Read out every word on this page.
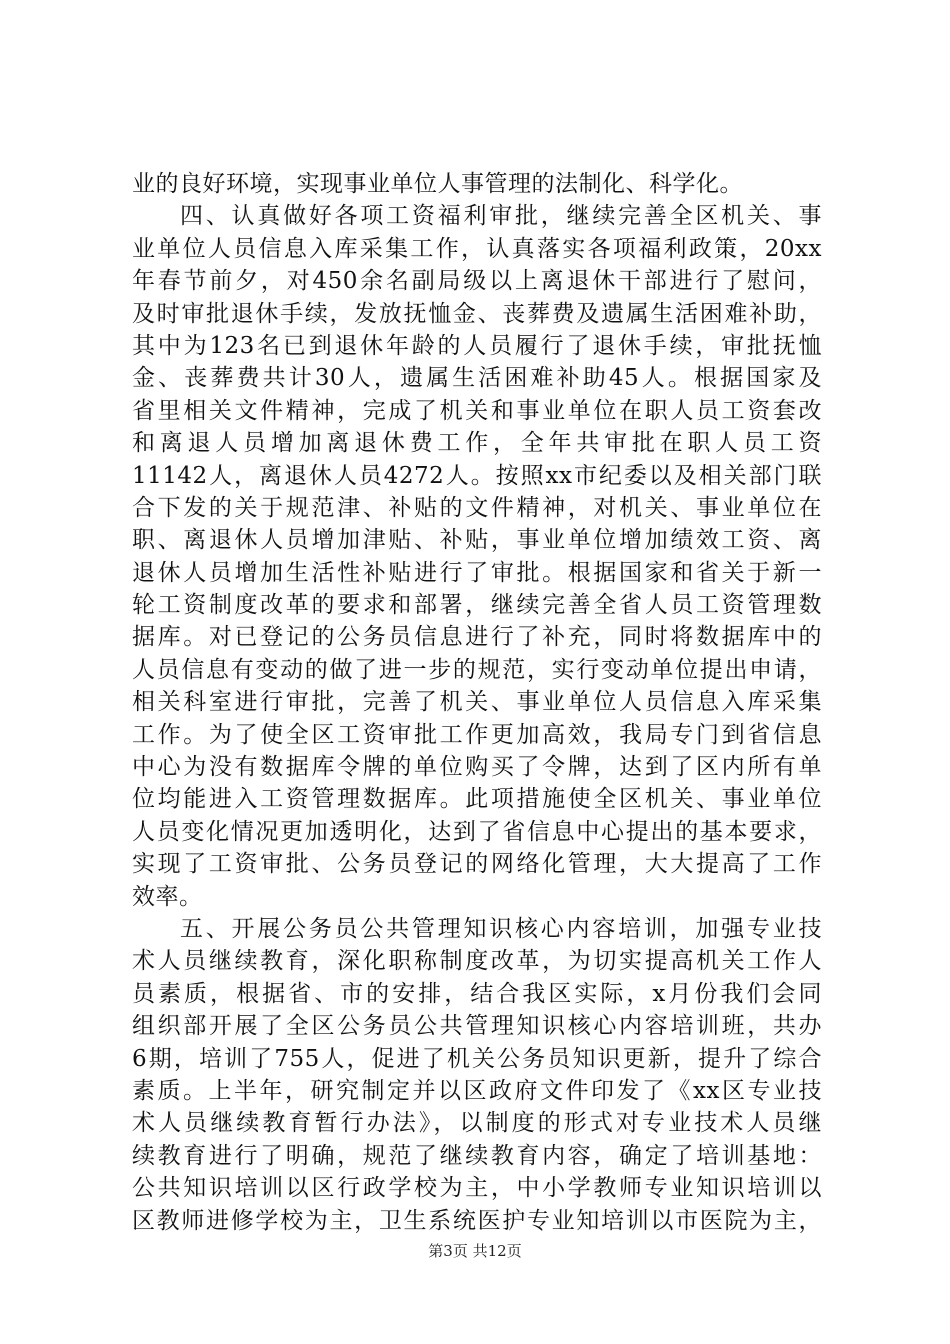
业的良好环境，实现事业单位人事管理的法制化、科学化。
四、认真做好各项工资福利审批，继续完善全区机关、事
业单位人员信息入库采集工作，认真落实各项福利政策，20xx
年春节前夕，对450余名副局级以上离退休干部进行了慰问，
及时审批退休手续，发放抚恤金、丧葬费及遗属生活困难补助，
其中为123名已到退休年龄的人员履行了退休手续，审批抚恤
金、丧葬费共计30人，遗属生活困难补助45人。根据国家及
省里相关文件精神，完成了机关和事业单位在职人员工资套改
和离退人员增加离退休费工作，全年共审批在职人员工资
11142人，离退休人员4272人。按照xx市纪委以及相关部门联
合下发的关于规范津、补贴的文件精神，对机关、事业单位在
职、离退休人员增加津贴、补贴，事业单位增加绩效工资、离
退休人员增加生活性补贴进行了审批。根据国家和省关于新一
轮工资制度改革的要求和部署，继续完善全省人员工资管理数
据库。对已登记的公务员信息进行了补充，同时将数据库中的
人员信息有变动的做了进一步的规范，实行变动单位提出申请，
相关科室进行审批，完善了机关、事业单位人员信息入库采集
工作。为了使全区工资审批工作更加高效，我局专门到省信息
中心为没有数据库令牌的单位购买了令牌，达到了区内所有单
位均能进入工资管理数据库。此项措施使全区机关、事业单位
人员变化情况更加透明化，达到了省信息中心提出的基本要求，
实现了工资审批、公务员登记的网络化管理，大大提高了工作
效率。
五、开展公务员公共管理知识核心内容培训，加强专业技
术人员继续教育，深化职称制度改革，为切实提高机关工作人
员素质，根据省、市的安排，结合我区实际，x月份我们会同
组织部开展了全区公务员公共管理知识核心内容培训班，共办
6期，培训了755人，促进了机关公务员知识更新，提升了综合
素质。上半年，研究制定并以区政府文件印发了《xx区专业技
术人员继续教育暂行办法》，以制度的形式对专业技术人员继
续教育进行了明确，规范了继续教育内容，确定了培训基地：
公共知识培训以区行政学校为主，中小学教师专业知识培训以
区教师进修学校为主，卫生系统医护专业知培训以市医院为主，
第3页 共12页
